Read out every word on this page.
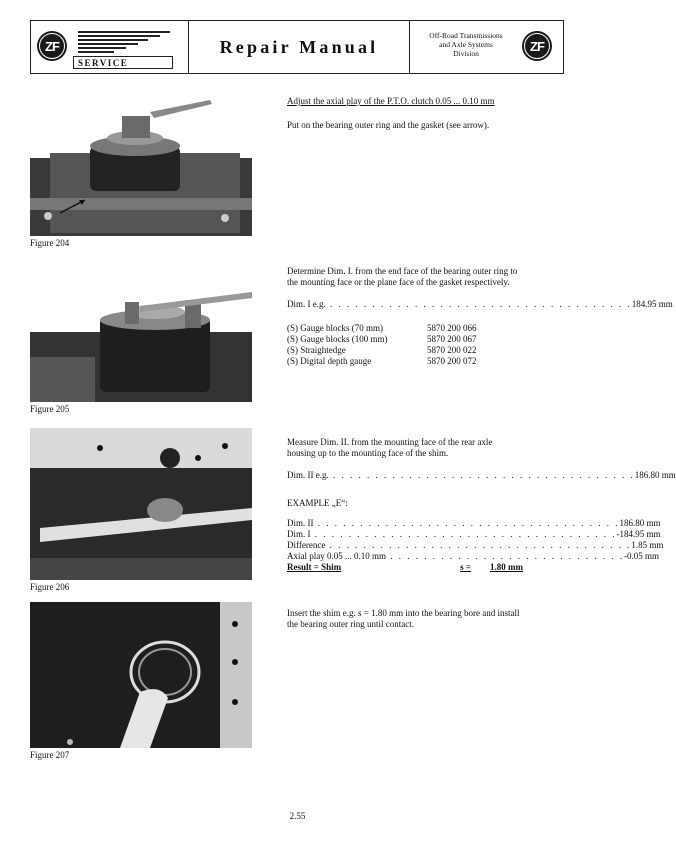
ZF
SERVICE
Repair Manual
Off-Road Transmissions
and Axle Systems
Division	ZF
Figure 204
Figure 205
Figure 206
Figure 207

Adjust the axial play of the P.T.O. clutch 0.05 ... 0.10 mm

Put on the bearing outer ring and the gasket (see arrow).

Determine Dim. I. from the end face of the bearing outer ring to

the mounting face or the plane face of the gasket respectively.

Dim. I e.g. . . . . . . . . . . . . . . . . . . . . . . . . . . . . . . . . . . . . 184.95 mm
(S) Gauge blocks (70 mm)	5870 200 066
(S) Gauge blocks (100 mm)	5870 200 067
(S) Straightedge	5870 200 022
(S) Digital depth gauge	5870 200 072

Measure Dim. II. from the mounting face of the rear axle

housing up to the mounting face of the shim.

Dim. II e.g. . . . . . . . . . . . . . . . . . . . . . . . . . . . . . . . . . . . . 186.80 mm

EXAMPLE „E“:

Dim. II . . . . . . . . . . . . . . . . . . . . . . . . . . . . . . . . . . . . 186.80 mm
Dim. I . . . . . . . . . . . . . . . . . . . . . . . . . . . . . . . . . . . . - 184.95 mm
Difference . . . . . . . . . . . . . . . . . . . . . . . . . . . . . . . . . . . . 1.85 mm
Axial play 0.05 ... 0.10 mm . . . . . . . . . . . . . . . . . . . . . . . . . . . . - 0.05 mm
Result = Shim	s =	1.80 mm

Insert the shim e.g. s = 1.80 mm into the bearing bore and install

the bearing outer ring until contact.

2.55
